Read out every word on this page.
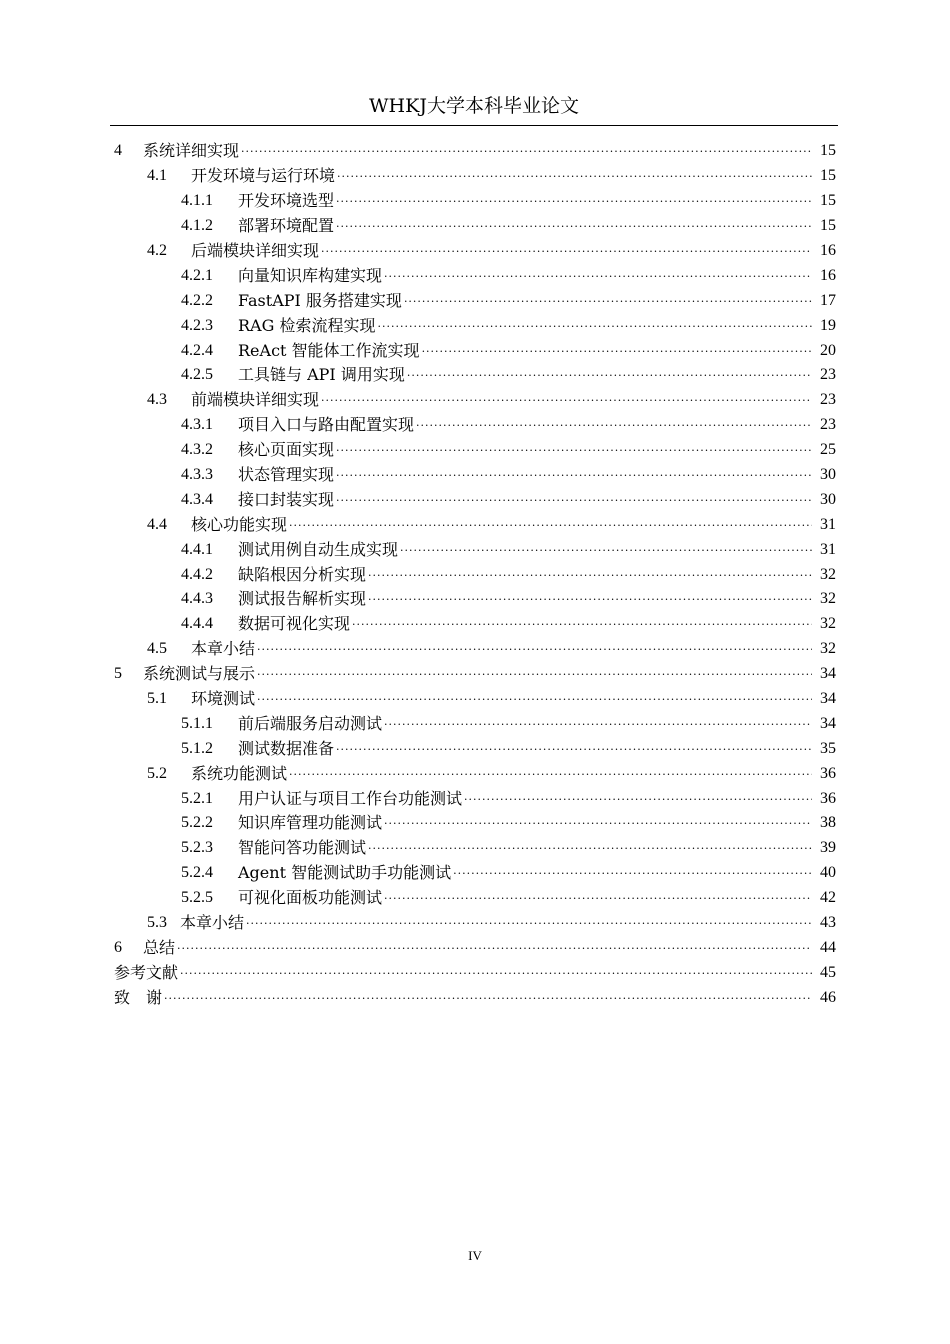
WHKJ大学本科毕业论文
4	系统详细实现 ·····	15
4.1	开发环境与运行环境 ·····	15
4.1.1	开发环境选型 ·····	15
4.1.2	部署环境配置 ·····	15
4.2	后端模块详细实现 ·····	16
4.2.1	向量知识库构建实现 ·····	16
4.2.2	FastAPI 服务搭建实现 ·····	17
4.2.3	RAG 检索流程实现 ·····	19
4.2.4	ReAct 智能体工作流实现 ·····	20
4.2.5	工具链与 API 调用实现 ·····	23
4.3	前端模块详细实现 ·····	23
4.3.1	项目入口与路由配置实现 ·····	23
4.3.2	核心页面实现 ·····	25
4.3.3	状态管理实现 ·····	30
4.3.4	接口封装实现 ·····	30
4.4	核心功能实现 ·····	31
4.4.1	测试用例自动生成实现 ·····	31
4.4.2	缺陷根因分析实现 ·····	32
4.4.3	测试报告解析实现 ·····	32
4.4.4	数据可视化实现 ·····	32
4.5	本章小结 ·····	32
5	系统测试与展示 ·····	34
5.1	环境测试 ·····	34
5.1.1	前后端服务启动测试 ·····	34
5.1.2	测试数据准备 ·····	35
5.2	系统功能测试 ·····	36
5.2.1	用户认证与项目工作台功能测试 ·····	36
5.2.2	知识库管理功能测试 ·····	38
5.2.3	智能问答功能测试 ·····	39
5.2.4	Agent 智能测试助手功能测试 ·····	40
5.2.5	可视化面板功能测试 ·····	42
5.3 本章小结 ·····	43
6	总结 ·····	44
参考文献 ·····	45
致　谢 ·····	46
IV
